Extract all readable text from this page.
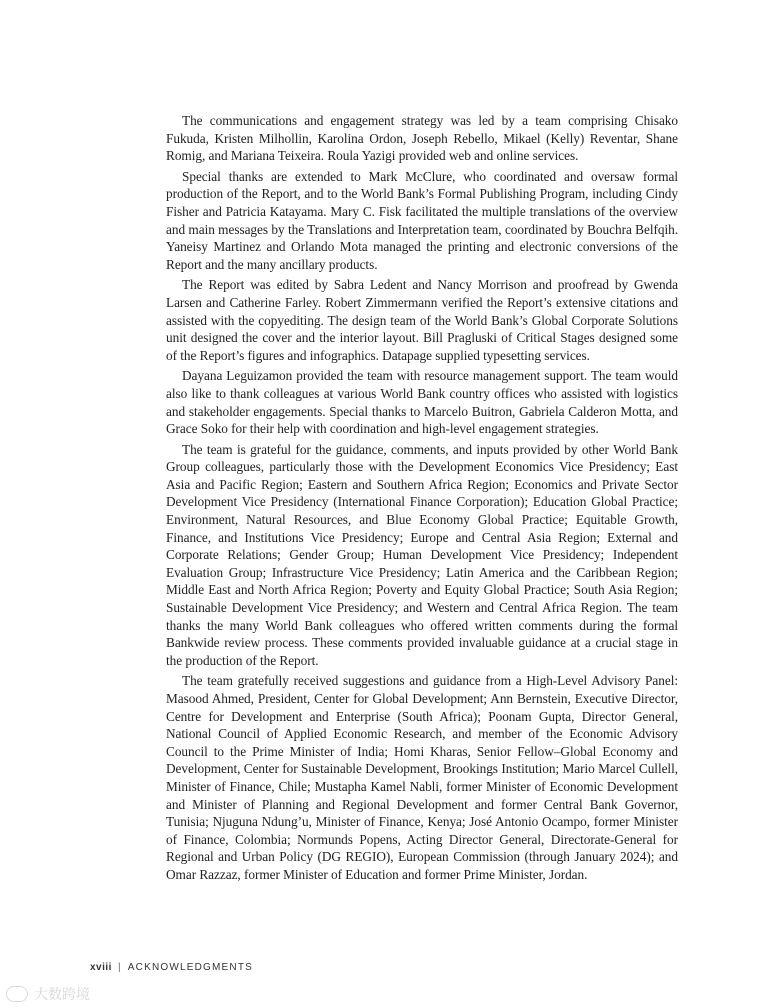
The communications and engagement strategy was led by a team comprising Chisako Fukuda, Kristen Milhollin, Karolina Ordon, Joseph Rebello, Mikael (Kelly) Reventar, Shane Romig, and Mariana Teixeira. Roula Yazigi provided web and online services.

Special thanks are extended to Mark McClure, who coordinated and oversaw formal production of the Report, and to the World Bank’s Formal Publishing Program, including Cindy Fisher and Patricia Katayama. Mary C. Fisk facilitated the multiple translations of the overview and main messages by the Translations and Interpretation team, coordinated by Bouchra Belfqih. Yaneisy Martinez and Orlando Mota managed the printing and electronic conversions of the Report and the many ancillary products.

The Report was edited by Sabra Ledent and Nancy Morrison and proofread by Gwenda Larsen and Catherine Farley. Robert Zimmermann verified the Report’s extensive citations and assisted with the copyediting. The design team of the World Bank’s Global Corporate Solutions unit designed the cover and the interior layout. Bill Pragluski of Critical Stages designed some of the Report’s figures and infographics. Datapage supplied typesetting services.

Dayana Leguizamon provided the team with resource management support. The team would also like to thank colleagues at various World Bank country offices who assisted with logistics and stakeholder engagements. Special thanks to Marcelo Buitron, Gabriela Calderon Motta, and Grace Soko for their help with coordination and high-level engagement strategies.

The team is grateful for the guidance, comments, and inputs provided by other World Bank Group colleagues, particularly those with the Development Economics Vice Presidency; East Asia and Pacific Region; Eastern and Southern Africa Region; Economics and Private Sector Development Vice Presidency (International Finance Corporation); Education Global Practice; Environment, Natural Resources, and Blue Economy Global Practice; Equitable Growth, Finance, and Institutions Vice Presidency; Europe and Central Asia Region; External and Corporate Relations; Gender Group; Human Development Vice Presidency; Independent Evaluation Group; Infrastructure Vice Presidency; Latin America and the Caribbean Region; Middle East and North Africa Region; Poverty and Equity Global Practice; South Asia Region; Sustainable Development Vice Presidency; and Western and Central Africa Region. The team thanks the many World Bank colleagues who offered written comments during the formal Bankwide review process. These comments provided invaluable guidance at a crucial stage in the production of the Report.

The team gratefully received suggestions and guidance from a High-Level Advisory Panel: Masood Ahmed, President, Center for Global Development; Ann Bernstein, Executive Director, Centre for Development and Enterprise (South Africa); Poonam Gupta, Director General, National Council of Applied Economic Research, and member of the Economic Advisory Council to the Prime Minister of India; Homi Kharas, Senior Fellow–Global Economy and Development, Center for Sustainable Development, Brookings Institution; Mario Marcel Cullell, Minister of Finance, Chile; Mustapha Kamel Nabli, former Minister of Economic Development and Minister of Planning and Regional Development and former Central Bank Governor, Tunisia; Njuguna Ndung’u, Minister of Finance, Kenya; José Antonio Ocampo, former Minister of Finance, Colombia; Normunds Popens, Acting Director General, Directorate-General for Regional and Urban Policy (DG REGIO), European Commission (through January 2024); and Omar Razzaz, former Minister of Education and former Prime Minister, Jordan.

xviii | ACKNOWLEDGMENTS
大数跨境
